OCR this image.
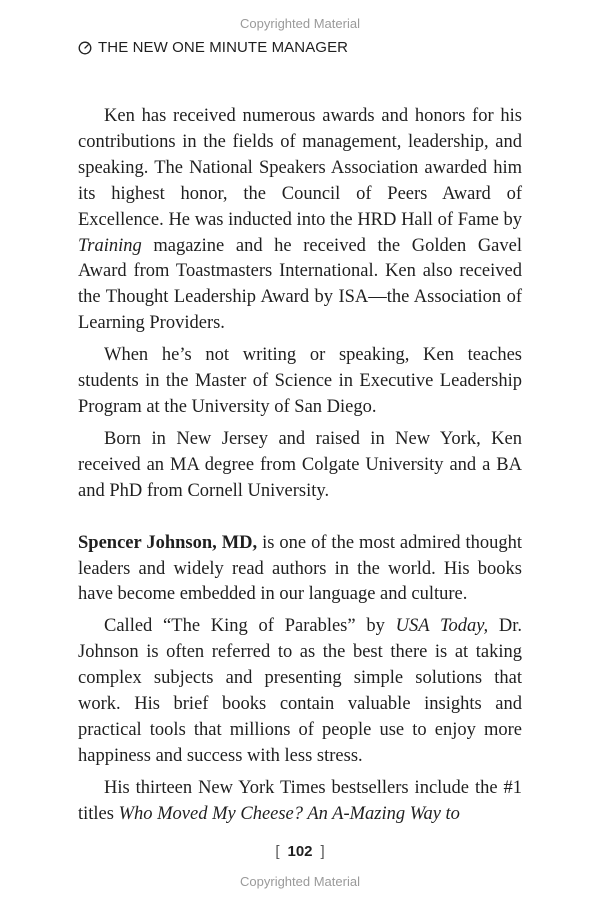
Copyrighted Material
THE NEW ONE MINUTE MANAGER

Ken has received numerous awards and honors for his contributions in the fields of management, leadership, and speaking. The National Speakers Association awarded him its highest honor, the Council of Peers Award of Excellence. He was inducted into the HRD Hall of Fame by Training magazine and he received the Golden Gavel Award from Toastmasters International. Ken also received the Thought Leadership Award by ISA—the Association of Learning Providers.

When he’s not writing or speaking, Ken teaches students in the Master of Science in Executive Leadership Program at the University of San Diego.

Born in New Jersey and raised in New York, Ken received an MA degree from Colgate University and a BA and PhD from Cornell University.

Spencer Johnson, MD, is one of the most admired thought leaders and widely read authors in the world. His books have become embedded in our language and culture.

Called “The King of Parables” by USA Today, Dr. Johnson is often referred to as the best there is at taking complex subjects and presenting simple solutions that work. His brief books contain valuable insights and practical tools that millions of people use to enjoy more happiness and success with less stress.

His thirteen New York Times bestsellers include the #1 titles Who Moved My Cheese? An A-Mazing Way to

[ 102 ]
Copyrighted Material
